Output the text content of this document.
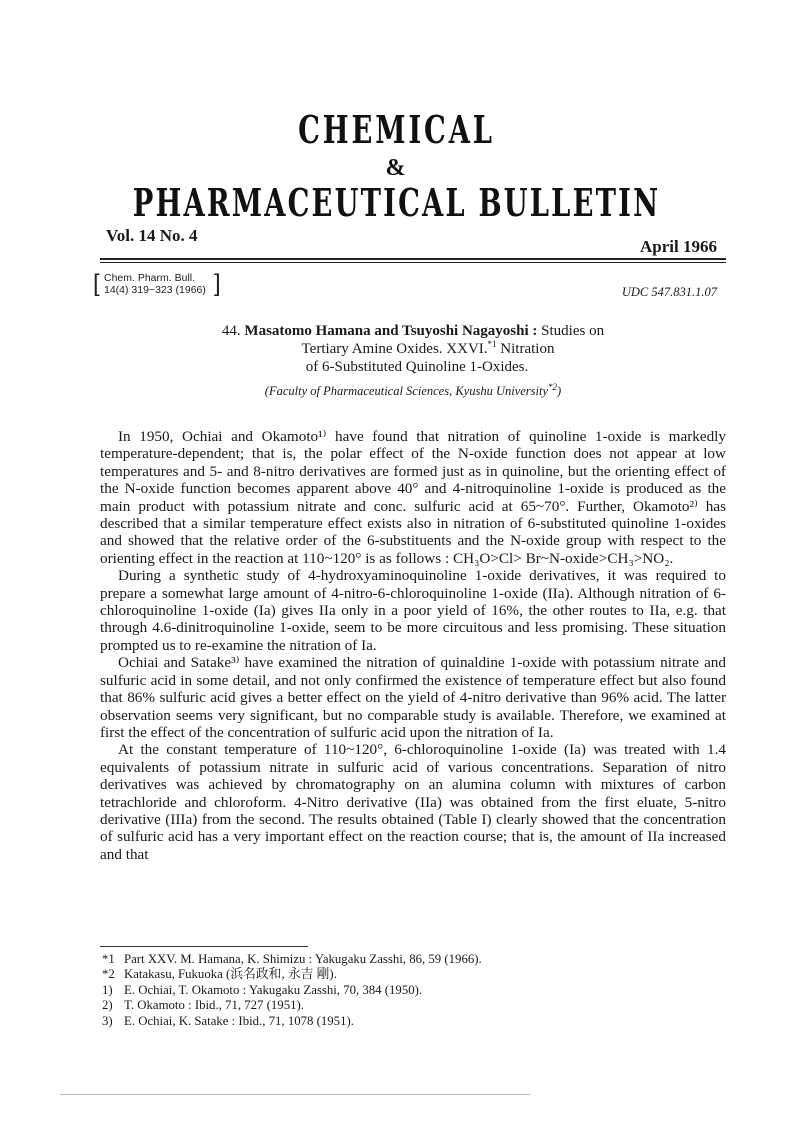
CHEMICAL
&
PHARMACEUTICAL BULLETIN
Vol. 14 No. 4
April 1966
[ Chem. Pharm. Bull.
14(4) 319~323 (1966) ]	UDC 547.831.1.07
44. Masatomo Hamana and Tsuyoshi Nagayoshi : Studies on
Tertiary Amine Oxides. XXVI.$^{*1}$ Nitration
of 6-Substituted Quinoline 1-Oxides.
(Faculty of Pharmaceutical Sciences, Kyushu University$^{*2}$)

In 1950, Ochiai and Okamoto¹⁾ have found that nitration of quinoline 1-oxide is markedly temperature-dependent; that is, the polar effect of the N-oxide function does not appear at low temperatures and 5- and 8-nitro derivatives are formed just as in quinoline, but the orienting effect of the N-oxide function becomes apparent above 40° and 4-nitroquinoline 1-oxide is produced as the main product with potassium nitrate and conc. sulfuric acid at 65~70°. Further, Okamoto²⁾ has described that a similar temperature effect exists also in nitration of 6-substituted quinoline 1-oxides and showed that the relative order of the 6-substituents and the N-oxide group with respect to the orienting effect in the reaction at 110~120° is as follows : CH₃O>Cl> Br~N-oxide>CH₃>NO₂.

During a synthetic study of 4-hydroxyaminoquinoline 1-oxide derivatives, it was required to prepare a somewhat large amount of 4-nitro-6-chloroquinoline 1-oxide (IIa). Although nitration of 6-chloroquinoline 1-oxide (Ia) gives IIa only in a poor yield of 16%, the other routes to IIa, e.g. that through 4.6-dinitroquinoline 1-oxide, seem to be more circuitous and less promising. These situation prompted us to re-examine the nitration of Ia.

Ochiai and Satake³⁾ have examined the nitration of quinaldine 1-oxide with potassium nitrate and sulfuric acid in some detail, and not only confirmed the existence of temperature effect but also found that 86% sulfuric acid gives a better effect on the yield of 4-nitro derivative than 96% acid. The latter observation seems very significant, but no comparable study is available. Therefore, we examined at first the effect of the concentration of sulfuric acid upon the nitration of Ia.

At the constant temperature of 110~120°, 6-chloroquinoline 1-oxide (Ia) was treated with 1.4 equivalents of potassium nitrate in sulfuric acid of various concentrations. Separation of nitro derivatives was achieved by chromatography on an alumina column with mixtures of carbon tetrachloride and chloroform. 4-Nitro derivative (IIa) was obtained from the first eluate, 5-nitro derivative (IIIa) from the second. The results obtained (Table I) clearly showed that the concentration of sulfuric acid has a very important effect on the reaction course; that is, the amount of IIa increased and that

*1 Part XXV. M. Hamana, K. Shimizu : Yakugaku Zasshi, 86, 59 (1966).
*2 Katakasu, Fukuoka (浜名政和, 永吉 剛).
1) E. Ochiai, T. Okamoto : Yakugaku Zasshi, 70, 384 (1950).
2) T. Okamoto : Ibid., 71, 727 (1951).
3) E. Ochiai, K. Satake : Ibid., 71, 1078 (1951).
